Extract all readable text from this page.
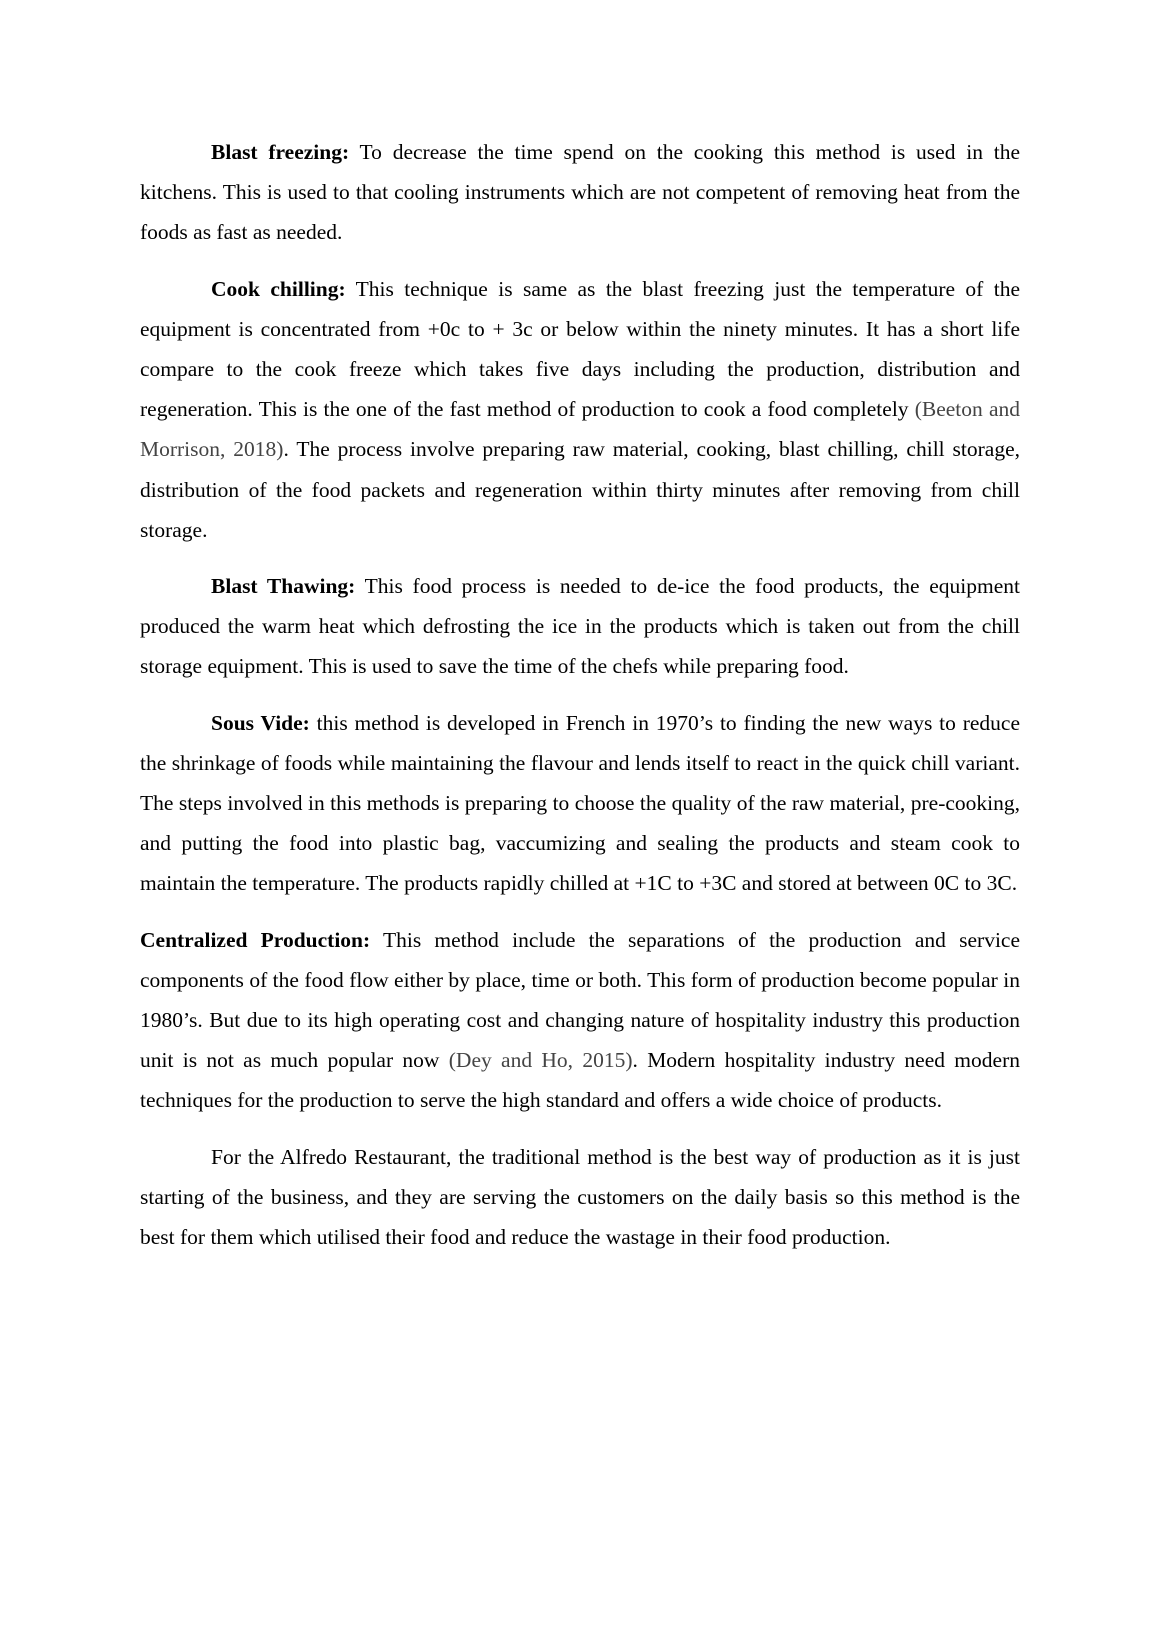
Blast freezing: To decrease the time spend on the cooking this method is used in the kitchens. This is used to that cooling instruments which are not competent of removing heat from the foods as fast as needed.

Cook chilling: This technique is same as the blast freezing just the temperature of the equipment is concentrated from +0c to + 3c or below within the ninety minutes. It has a short life compare to the cook freeze which takes five days including the production, distribution and regeneration. This is the one of the fast method of production to cook a food completely (Beeton and Morrison, 2018). The process involve preparing raw material, cooking, blast chilling, chill storage, distribution of the food packets and regeneration within thirty minutes after removing from chill storage.

Blast Thawing: This food process is needed to de-ice the food products, the equipment produced the warm heat which defrosting the ice in the products which is taken out from the chill storage equipment. This is used to save the time of the chefs while preparing food.

Sous Vide: this method is developed in French in 1970’s to finding the new ways to reduce the shrinkage of foods while maintaining the flavour and lends itself to react in the quick chill variant. The steps involved in this methods is preparing to choose the quality of the raw material, pre-cooking, and putting the food into plastic bag, vaccumizing and sealing the products and steam cook to maintain the temperature. The products rapidly chilled at +1C to +3C and stored at between 0C to 3C.

Centralized Production: This method include the separations of the production and service components of the food flow either by place, time or both. This form of production become popular in 1980’s. But due to its high operating cost and changing nature of hospitality industry this production unit is not as much popular now (Dey and Ho, 2015). Modern hospitality industry need modern techniques for the production to serve the high standard and offers a wide choice of products.

For the Alfredo Restaurant, the traditional method is the best way of production as it is just starting of the business, and they are serving the customers on the daily basis so this method is the best for them which utilised their food and reduce the wastage in their food production.
